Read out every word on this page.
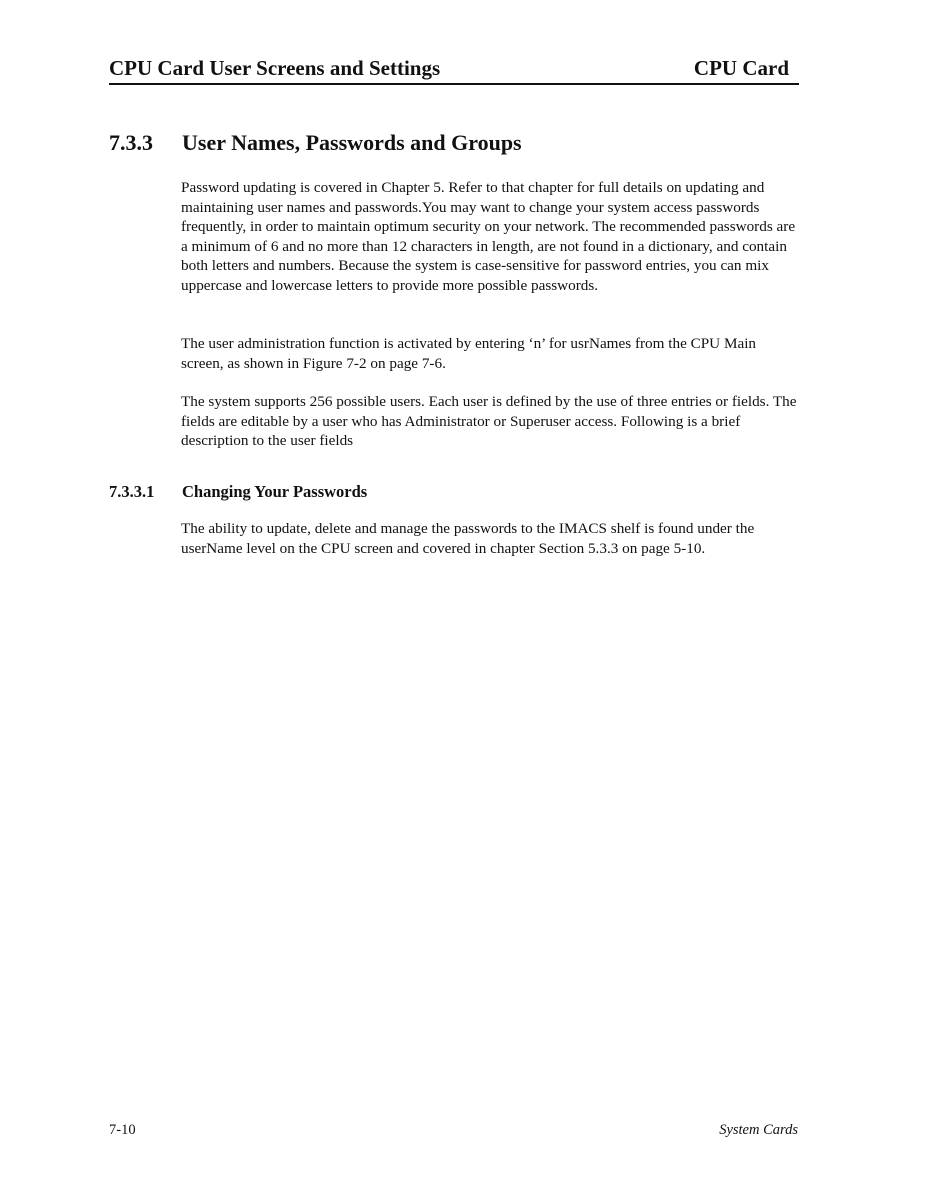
CPU Card User Screens and Settings	CPU Card
7.3.3 User Names, Passwords and Groups

Password updating is covered in Chapter 5. Refer to that chapter for full details on updating and maintaining user names and passwords.You may want to change your system access passwords frequently, in order to maintain optimum security on your network. The recommended passwords are a minimum of 6 and no more than 12 characters in length, are not found in a dictionary, and contain both letters and numbers. Because the system is case-sensitive for password entries, you can mix uppercase and lowercase letters to provide more possible passwords.

The user administration function is activated by entering ‘n’ for usrNames from the CPU Main screen, as shown in Figure 7-2 on page 7-6.

The system supports 256 possible users. Each user is defined by the use of three entries or fields. The fields are editable by a user who has Administrator or Superuser access. Following is a brief description to the user fields

7.3.3.1 Changing Your Passwords

The ability to update, delete and manage the passwords to the IMACS shelf is found under the userName level on the CPU screen and covered in chapter Section 5.3.3 on page 5-10.

7-10	System Cards
